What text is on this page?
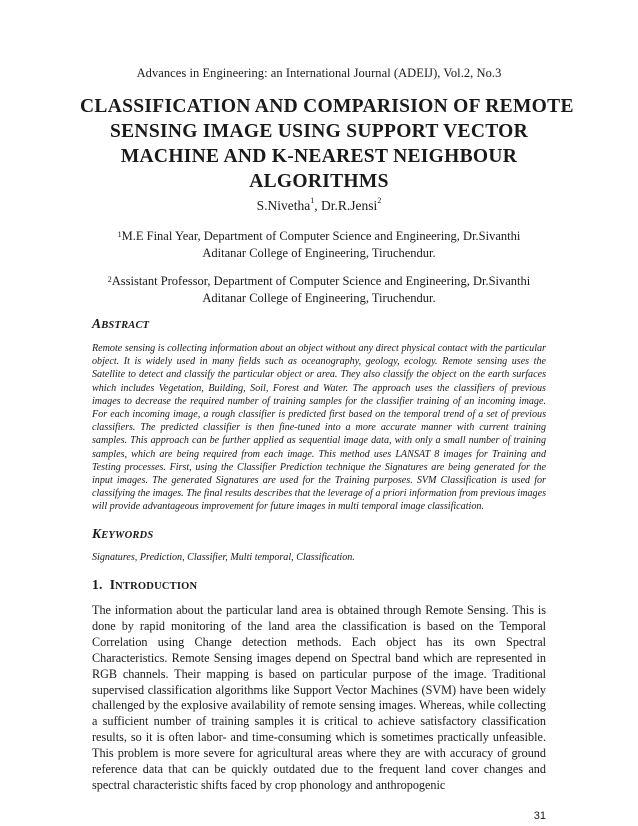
Advances in Engineering: an International Journal (ADEIJ), Vol.2, No.3
CLASSIFICATION AND COMPARISION OF REMOTE
SENSING IMAGE USING SUPPORT VECTOR
MACHINE AND K-NEAREST NEIGHBOUR
ALGORITHMS
S.Nivetha$^1$, Dr.R.Jensi$^2$
$^1$M.E Final Year, Department of Computer Science and Engineering, Dr.Sivanthi Aditanar College of Engineering, Tiruchendur.
$^2$Assistant Professor, Department of Computer Science and Engineering, Dr.Sivanthi Aditanar College of Engineering, Tiruchendur.
ABSTRACT
Remote sensing is collecting information about an object without any direct physical contact with the particular object. It is widely used in many fields such as oceanography, geology, ecology. Remote sensing uses the Satellite to detect and classify the particular object or area. They also classify the object on the earth surfaces which includes Vegetation, Building, Soil, Forest and Water. The approach uses the classifiers of previous images to decrease the required number of training samples for the classifier training of an incoming image. For each incoming image, a rough classifier is predicted first based on the temporal trend of a set of previous classifiers. The predicted classifier is then fine-tuned into a more accurate manner with current training samples. This approach can be further applied as sequential image data, with only a small number of training samples, which are being required from each image. This method uses LANSAT 8 images for Training and Testing processes. First, using the Classifier Prediction technique the Signatures are being generated for the input images. The generated Signatures are used for the Training purposes. SVM Classification is used for classifying the images. The final results describes that the leverage of a priori information from previous images will provide advantageous improvement for future images in multi temporal image classification.
KEYWORDS
Signatures, Prediction, Classifier, Multi temporal, Classification.
1. INTRODUCTION
The information about the particular land area is obtained through Remote Sensing. This is done by rapid monitoring of the land area the classification is based on the Temporal Correlation using Change detection methods. Each object has its own Spectral Characteristics. Remote Sensing images depend on Spectral band which are represented in RGB channels. Their mapping is based on particular purpose of the image. Traditional supervised classification algorithms like Support Vector Machines (SVM) have been widely challenged by the explosive availability of remote sensing images. Whereas, while collecting a sufficient number of training samples it is critical to achieve satisfactory classification results, so it is often labor- and time-consuming which is sometimes practically unfeasible. This problem is more severe for agricultural areas where they are with accuracy of ground reference data that can be quickly outdated due to the frequent land cover changes and spectral characteristic shifts faced by crop phonology and anthropogenic
31
